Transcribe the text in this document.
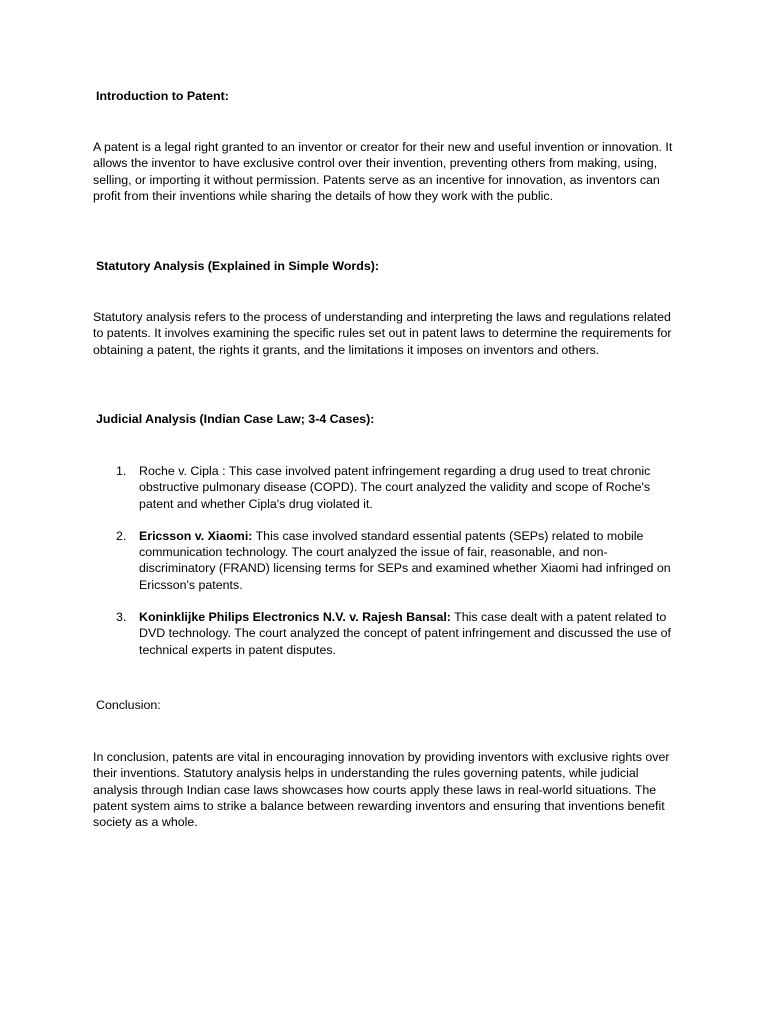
Introduction to Patent:

A patent is a legal right granted to an inventor or creator for their new and useful invention or innovation. It allows the inventor to have exclusive control over their invention, preventing others from making, using, selling, or importing it without permission. Patents serve as an incentive for innovation, as inventors can profit from their inventions while sharing the details of how they work with the public.

Statutory Analysis (Explained in Simple Words):

Statutory analysis refers to the process of understanding and interpreting the laws and regulations related to patents. It involves examining the specific rules set out in patent laws to determine the requirements for obtaining a patent, the rights it grants, and the limitations it imposes on inventors and others.

Judicial Analysis (Indian Case Law; 3-4 Cases):
1. Roche v. Cipla : This case involved patent infringement regarding a drug used to treat chronic obstructive pulmonary disease (COPD). The court analyzed the validity and scope of Roche's patent and whether Cipla's drug violated it.
2. Ericsson v. Xiaomi: This case involved standard essential patents (SEPs) related to mobile communication technology. The court analyzed the issue of fair, reasonable, and non-discriminatory (FRAND) licensing terms for SEPs and examined whether Xiaomi had infringed on Ericsson's patents.
3. Koninklijke Philips Electronics N.V. v. Rajesh Bansal: This case dealt with a patent related to DVD technology. The court analyzed the concept of patent infringement and discussed the use of technical experts in patent disputes.
Conclusion:

In conclusion, patents are vital in encouraging innovation by providing inventors with exclusive rights over their inventions. Statutory analysis helps in understanding the rules governing patents, while judicial analysis through Indian case laws showcases how courts apply these laws in real-world situations. The patent system aims to strike a balance between rewarding inventors and ensuring that inventions benefit society as a whole.
